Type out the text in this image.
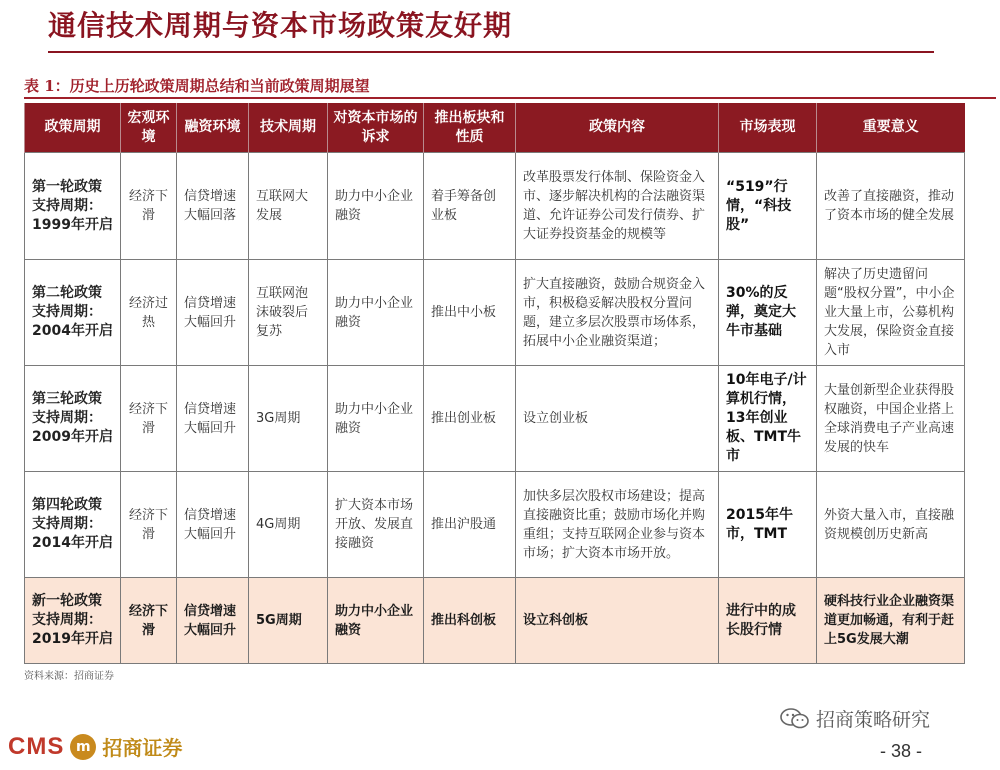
通信技术周期与资本市场政策友好期
表 1：历史上历轮政策周期总结和当前政策周期展望
政策周期	宏观环境	融资环境	技术周期	对资本市场的诉求	推出板块和性质	政策内容	市场表现	重要意义
第一轮政策支持周期：1999年开启	经济下滑	信贷增速大幅回落	互联网大发展	助力中小企业融资	着手筹备创业板	改革股票发行体制、保险资金入市、逐步解决机构的合法融资渠道、允许证券公司发行债券、扩大证券投资基金的规模等	“519”行情，“科技股”	改善了直接融资，推动了资本市场的健全发展
第二轮政策支持周期：2004年开启	经济过热	信贷增速大幅回升	互联网泡沫破裂后复苏	助力中小企业融资	推出中小板	扩大直接融资，鼓励合规资金入市，积极稳妥解决股权分置问题，建立多层次股票市场体系，拓展中小企业融资渠道；	30%的反弹，奠定大牛市基础	解决了历史遗留问题“股权分置”，中小企业大量上市，公募机构大发展，保险资金直接入市
第三轮政策支持周期：2009年开启	经济下滑	信贷增速大幅回升	3G周期	助力中小企业融资	推出创业板	设立创业板	10年电子/计算机行情，13年创业板、TMT牛市	大量创新型企业获得股权融资，中国企业搭上全球消费电子产业高速发展的快车
第四轮政策支持周期：2014年开启	经济下滑	信贷增速大幅回升	4G周期	扩大资本市场开放、发展直接融资	推出沪股通	加快多层次股权市场建设；提高直接融资比重；鼓励市场化并购重组；支持互联网企业参与资本市场；扩大资本市场开放。	2015年牛市，TMT	外资大量入市，直接融资规模创历史新高
新一轮政策支持周期：2019年开启	经济下滑	信贷增速大幅回升	5G周期	助力中小企业融资	推出科创板	设立科创板	进行中的成长股行情	硬科技行业企业融资渠道更加畅通，有利于赶上5G发展大潮
资料来源：招商证券
CMS m 招商证券
招商策略研究
- 38 -
